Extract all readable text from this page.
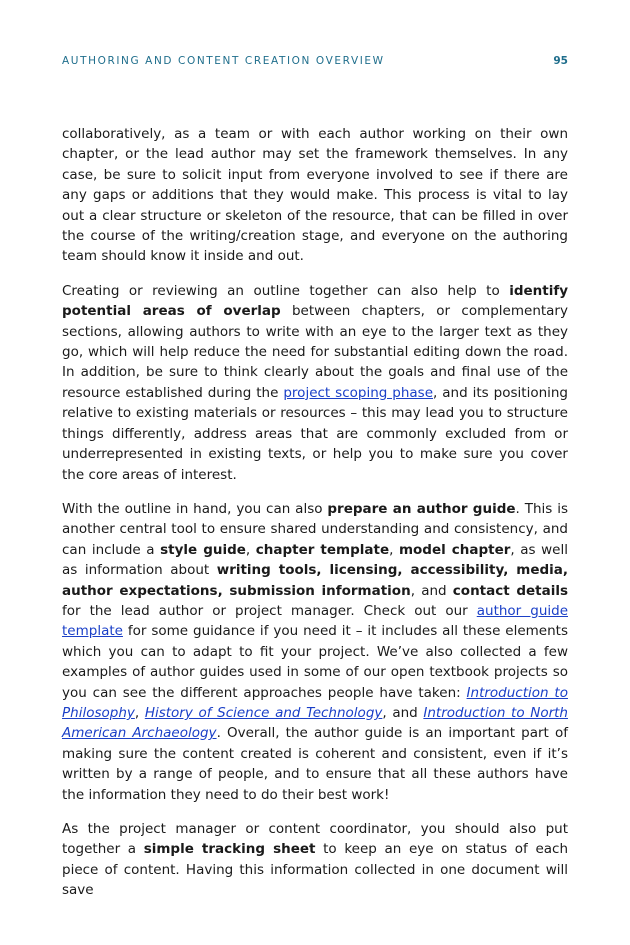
AUTHORING AND CONTENT CREATION OVERVIEW	95

collaboratively, as a team or with each author working on their own chapter, or the lead author may set the framework themselves. In any case, be sure to solicit input from everyone involved to see if there are any gaps or additions that they would make. This process is vital to lay out a clear structure or skeleton of the resource, that can be filled in over the course of the writing/creation stage, and everyone on the authoring team should know it inside and out.

Creating or reviewing an outline together can also help to identify potential areas of overlap between chapters, or complementary sections, allowing authors to write with an eye to the larger text as they go, which will help reduce the need for substantial editing down the road. In addition, be sure to think clearly about the goals and final use of the resource established during the project scoping phase, and its positioning relative to existing materials or resources – this may lead you to structure things differently, address areas that are commonly excluded from or underrepresented in existing texts, or help you to make sure you cover the core areas of interest.

With the outline in hand, you can also prepare an author guide. This is another central tool to ensure shared understanding and consistency, and can include a style guide, chapter template, model chapter, as well as information about writing tools, licensing, accessibility, media, author expectations, submission information, and contact details for the lead author or project manager. Check out our author guide template for some guidance if you need it – it includes all these elements which you can to adapt to fit your project. We’ve also collected a few examples of author guides used in some of our open textbook projects so you can see the different approaches people have taken: Introduction to Philosophy, History of Science and Technology, and Introduction to North American Archaeology. Overall, the author guide is an important part of making sure the content created is coherent and consistent, even if it’s written by a range of people, and to ensure that all these authors have the information they need to do their best work!

As the project manager or content coordinator, you should also put together a simple tracking sheet to keep an eye on status of each piece of content. Having this information collected in one document will save
